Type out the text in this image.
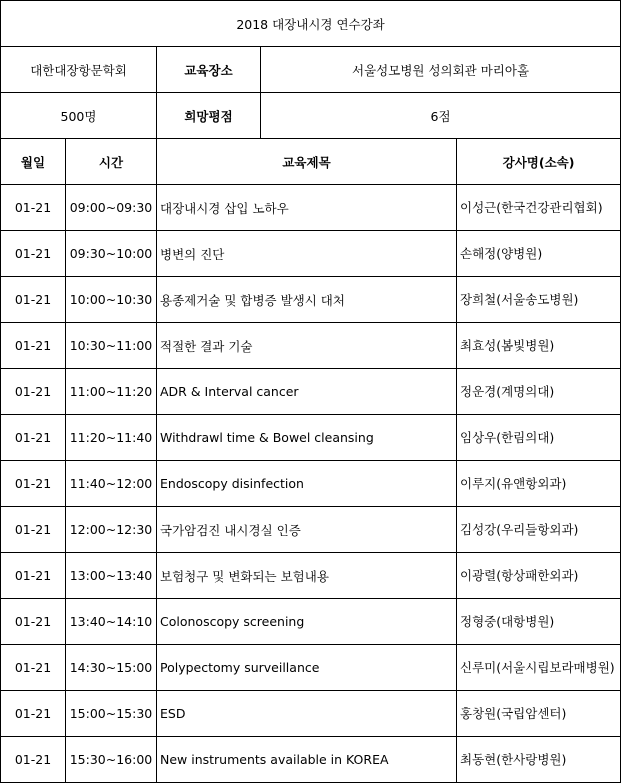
2018 대장내시경 연수강좌				
대한대장항문학회		교육장소	서울성모병원 성의회관 마리아홀	
500명		희망평점	6점	
월일	시간	교육제목		강사명(소속)
01-21	09:00~09:30	대장내시경 삽입 노하우		이성근(한국건강관리협회)
01-21	09:30~10:00	병변의 진단		손해정(양병원)
01-21	10:00~10:30	용종제거술 및 합병증 발생시 대처		장희철(서울송도병원)
01-21	10:30~11:00	적절한 결과 기술		최효성(봄빛병원)
01-21	11:00~11:20	ADR & Interval cancer		정운경(계명의대)
01-21	11:20~11:40	Withdrawl time & Bowel cleansing		임상우(한림의대)
01-21	11:40~12:00	Endoscopy disinfection		이루지(유앤항외과)
01-21	12:00~12:30	국가암검진 내시경실 인증		김성강(우리들항외과)
01-21	13:00~13:40	보험청구 및 변화되는 보험내용		이광렬(항상패한외과)
01-21	13:40~14:10	Colonoscopy screening		정형중(대항병원)
01-21	14:30~15:00	Polypectomy surveillance		신루미(서울시립보라매병원)
01-21	15:00~15:30	ESD		홍창원(국립암센터)
01-21	15:30~16:00	New instruments available in KOREA		최동현(한사랑병원)
